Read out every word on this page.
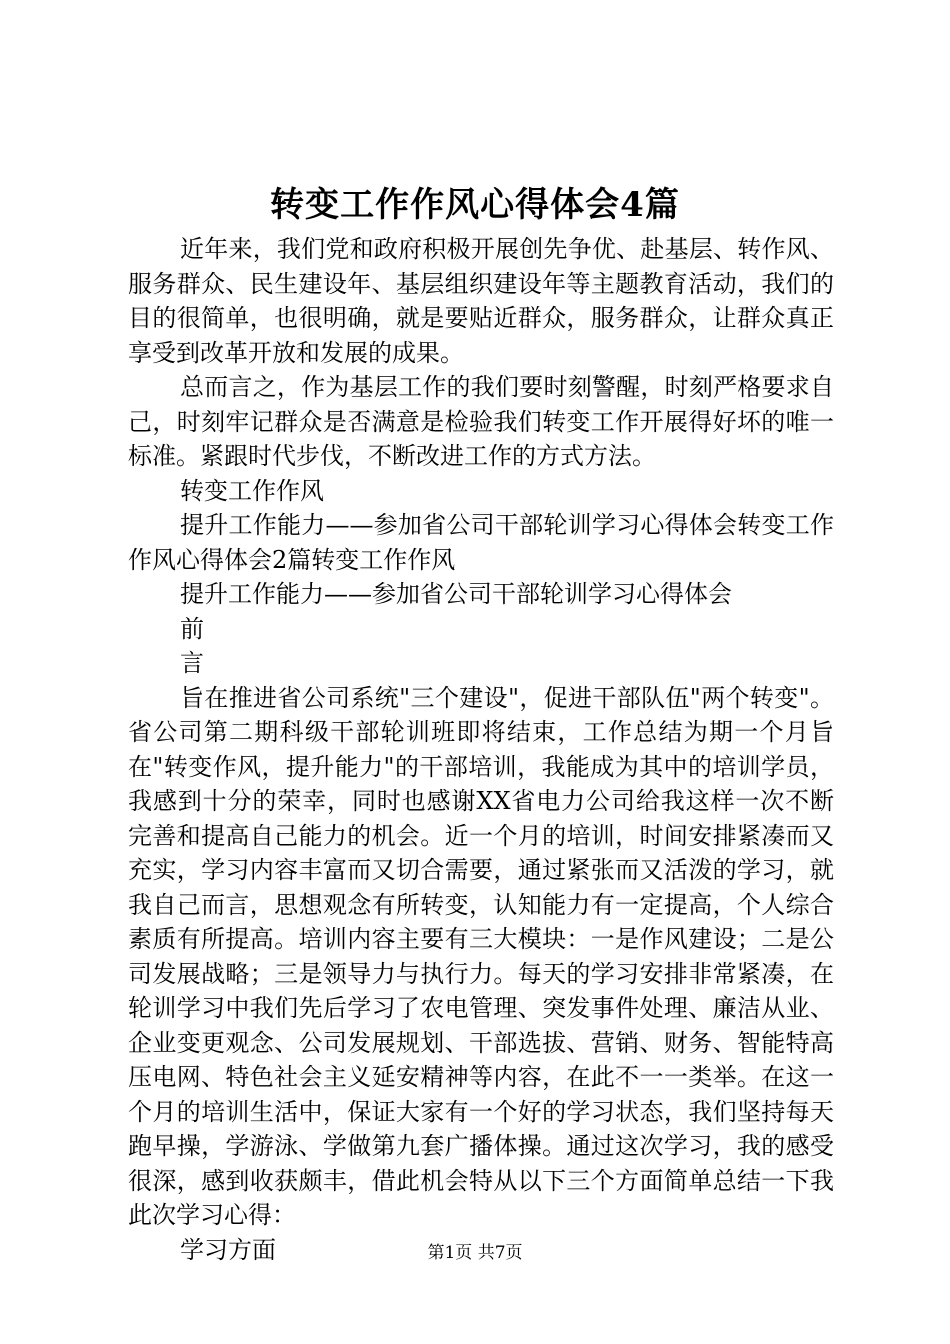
转变工作作风心得体会4篇

近年来，我们党和政府积极开展创先争优、赴基层、转作风、服务群众、民生建设年、基层组织建设年等主题教育活动，我们的目的很简单，也很明确，就是要贴近群众，服务群众，让群众真正享受到改革开放和发展的成果。

总而言之，作为基层工作的我们要时刻警醒，时刻严格要求自己，时刻牢记群众是否满意是检验我们转变工作开展得好坏的唯一标准。紧跟时代步伐，不断改进工作的方式方法。

转变工作作风

提升工作能力——参加省公司干部轮训学习心得体会转变工作作风心得体会2篇转变工作作风

提升工作能力——参加省公司干部轮训学习心得体会

前

言

旨在推进省公司系统"三个建设"，促进干部队伍"两个转变"。省公司第二期科级干部轮训班即将结束，工作总结为期一个月旨在"转变作风，提升能力"的干部培训，我能成为其中的培训学员，我感到十分的荣幸，同时也感谢XX省电力公司给我这样一次不断完善和提高自己能力的机会。近一个月的培训，时间安排紧凑而又充实，学习内容丰富而又切合需要，通过紧张而又活泼的学习，就我自己而言，思想观念有所转变，认知能力有一定提高，个人综合素质有所提高。培训内容主要有三大模块：一是作风建设；二是公司发展战略；三是领导力与执行力。每天的学习安排非常紧凑，在轮训学习中我们先后学习了农电管理、突发事件处理、廉洁从业、企业变更观念、公司发展规划、干部选拔、营销、财务、智能特高压电网、特色社会主义延安精神等内容，在此不一一类举。在这一个月的培训生活中，保证大家有一个好的学习状态，我们坚持每天跑早操，学游泳、学做第九套广播体操。通过这次学习，我的感受很深，感到收获颇丰，借此机会特从以下三个方面简单总结一下我此次学习心得：

学习方面	第1页 共7页
